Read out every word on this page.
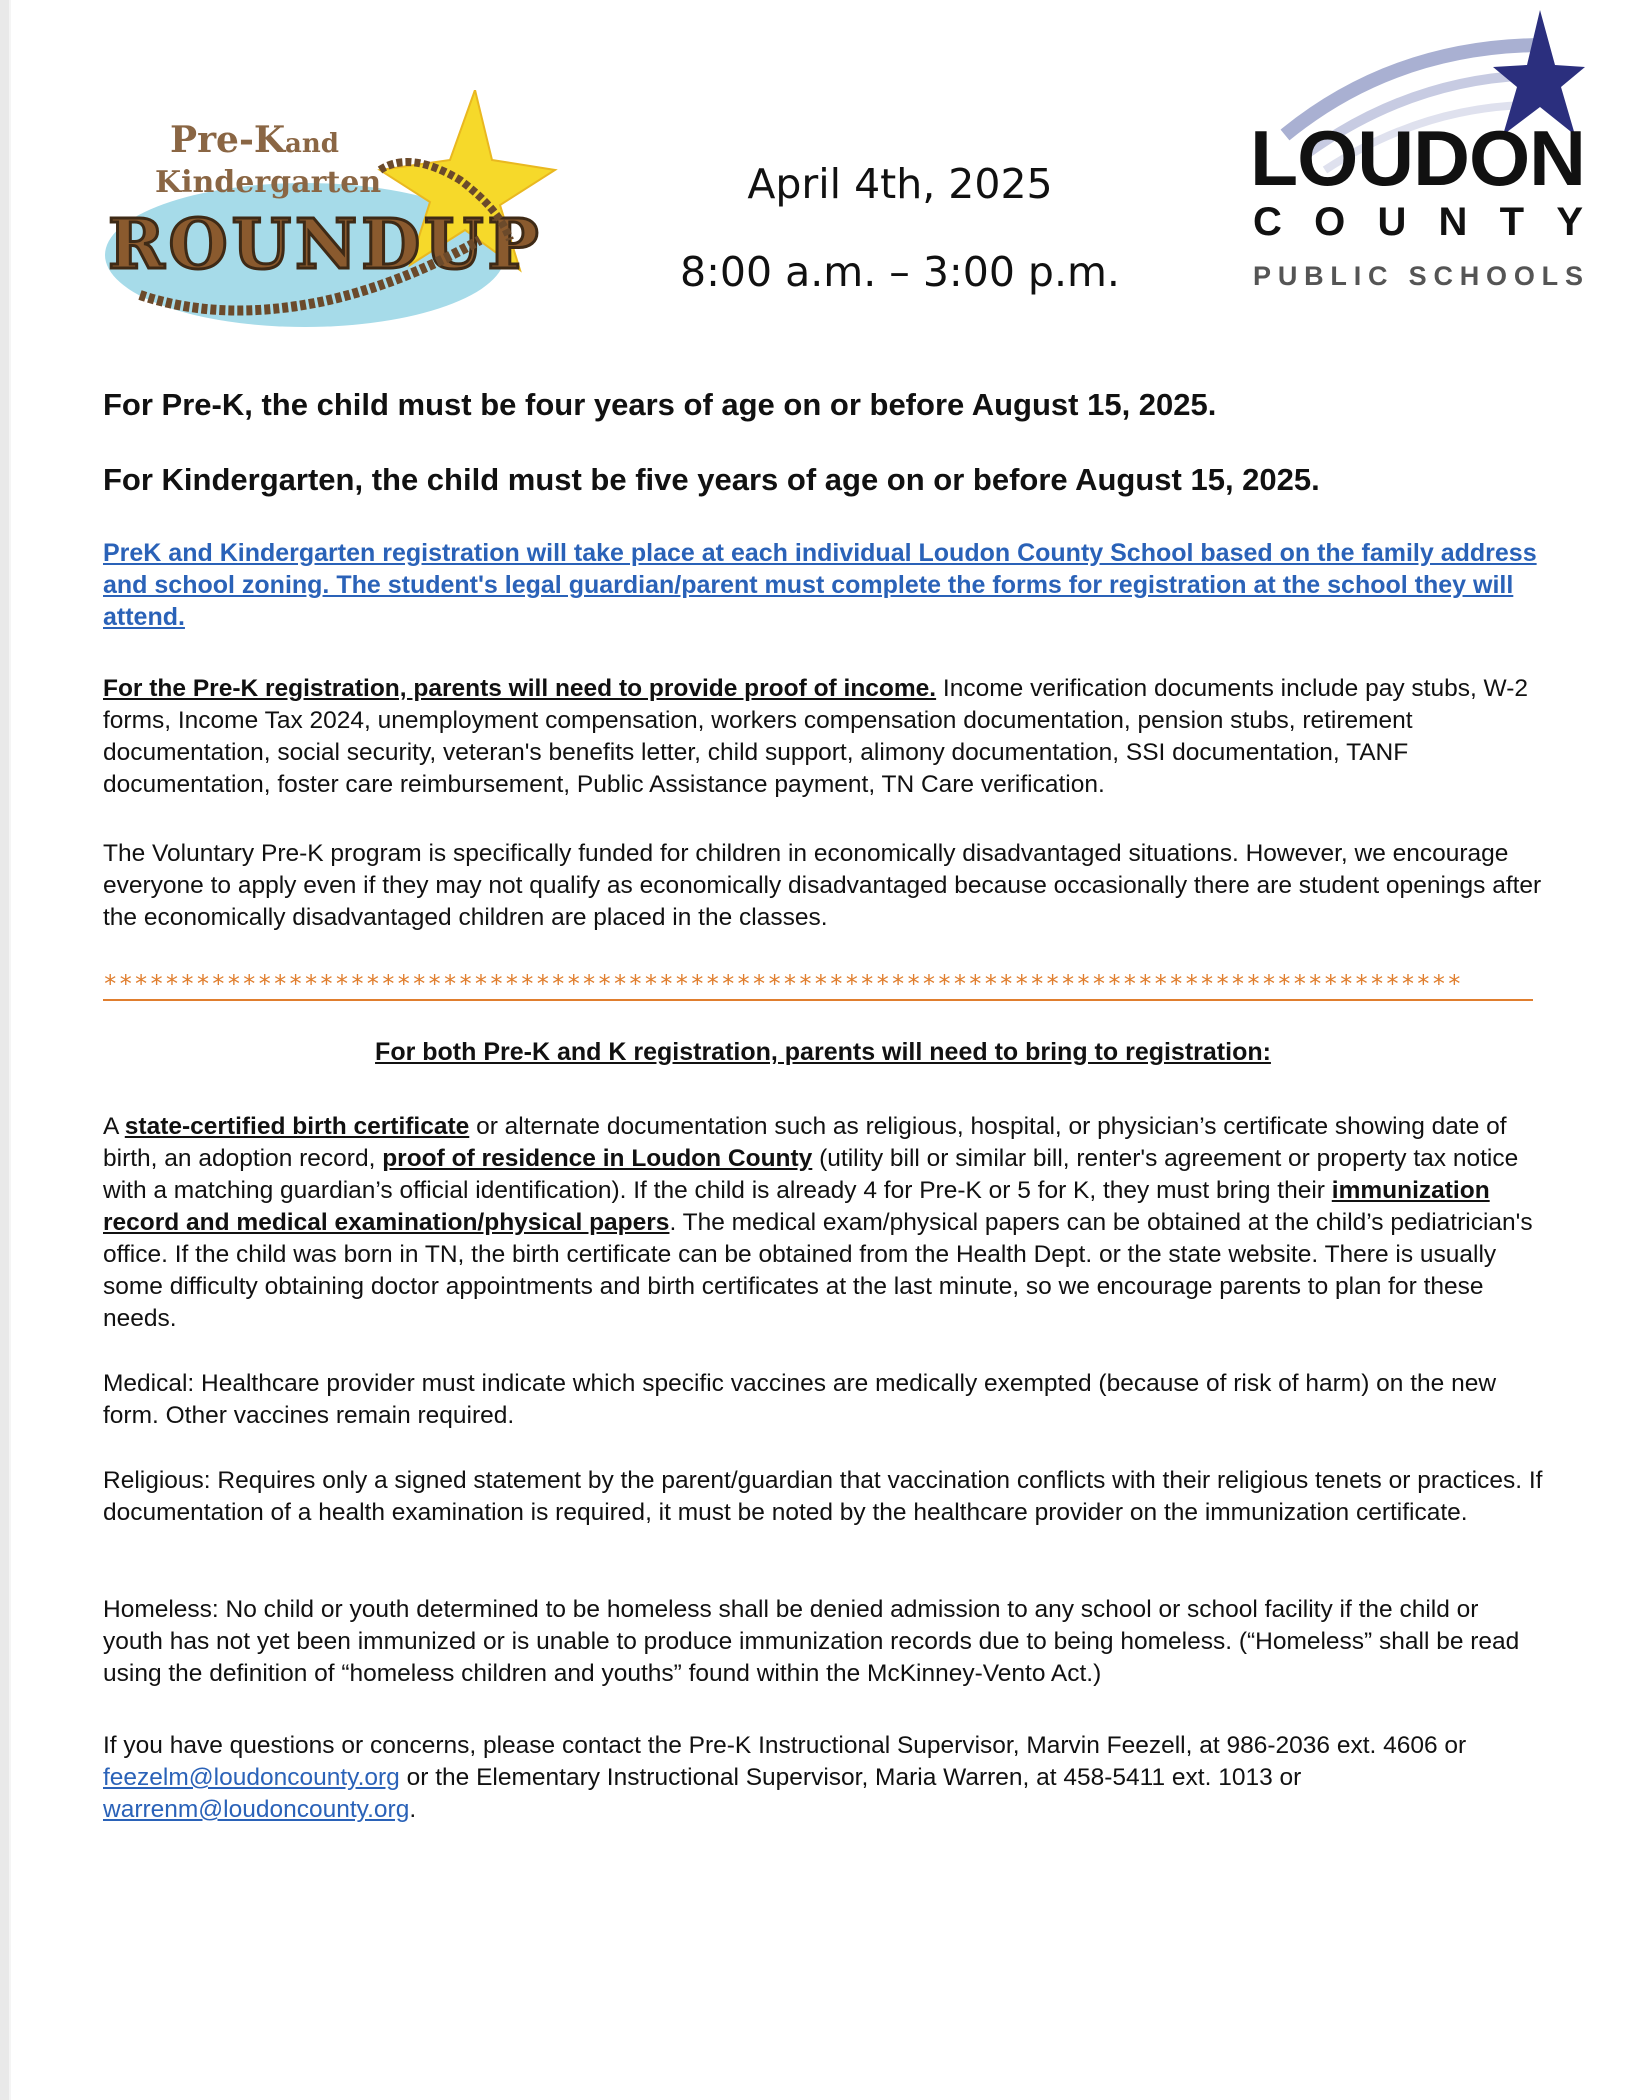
Pre-K and
Kindergarten
ROUNDUP
April 4th, 2025
8:00 a.m. – 3:00 p.m.
LOUDON
COUNTY
PUBLIC SCHOOLS
For Pre-K, the child must be four years of age on or before August 15, 2025.
For Kindergarten, the child must be five years of age on or before August 15, 2025.
PreK and Kindergarten registration will take place at each individual Loudon County School based on the family address and school zoning. The student's legal guardian/parent must complete the forms for registration at the school they will attend.
For the Pre-K registration, parents will need to provide proof of income. Income verification documents include pay stubs, W-2 forms, Income Tax 2024, unemployment compensation, workers compensation documentation, pension stubs, retirement documentation, social security, veteran's benefits letter, child support, alimony documentation, SSI documentation, TANF documentation, foster care reimbursement, Public Assistance payment, TN Care verification.
The Voluntary Pre-K program is specifically funded for children in economically disadvantaged situations. However, we encourage everyone to apply even if they may not qualify as economically disadvantaged because occasionally there are student openings after the economically disadvantaged children are placed in the classes.
****************************************************************************************
For both Pre-K and K registration, parents will need to bring to registration:
A state-certified birth certificate or alternate documentation such as religious, hospital, or physician’s certificate showing date of birth, an adoption record, proof of residence in Loudon County (utility bill or similar bill, renter's agreement or property tax notice with a matching guardian’s official identification). If the child is already 4 for Pre-K or 5 for K, they must bring their immunization record and medical examination/physical papers. The medical exam/physical papers can be obtained at the child’s pediatrician's office. If the child was born in TN, the birth certificate can be obtained from the Health Dept. or the state website. There is usually some difficulty obtaining doctor appointments and birth certificates at the last minute, so we encourage parents to plan for these needs.
Medical: Healthcare provider must indicate which specific vaccines are medically exempted (because of risk of harm) on the new form. Other vaccines remain required.
Religious: Requires only a signed statement by the parent/guardian that vaccination conflicts with their religious tenets or practices. If documentation of a health examination is required, it must be noted by the healthcare provider on the immunization certificate.
Homeless: No child or youth determined to be homeless shall be denied admission to any school or school facility if the child or youth has not yet been immunized or is unable to produce immunization records due to being homeless. (“Homeless” shall be read using the definition of “homeless children and youths” found within the McKinney-Vento Act.)
If you have questions or concerns, please contact the Pre-K Instructional Supervisor, Marvin Feezell, at 986-2036 ext. 4606 or feezelm@loudoncounty.org or the Elementary Instructional Supervisor, Maria Warren, at 458-5411 ext. 1013 or warrenm@loudoncounty.org.
